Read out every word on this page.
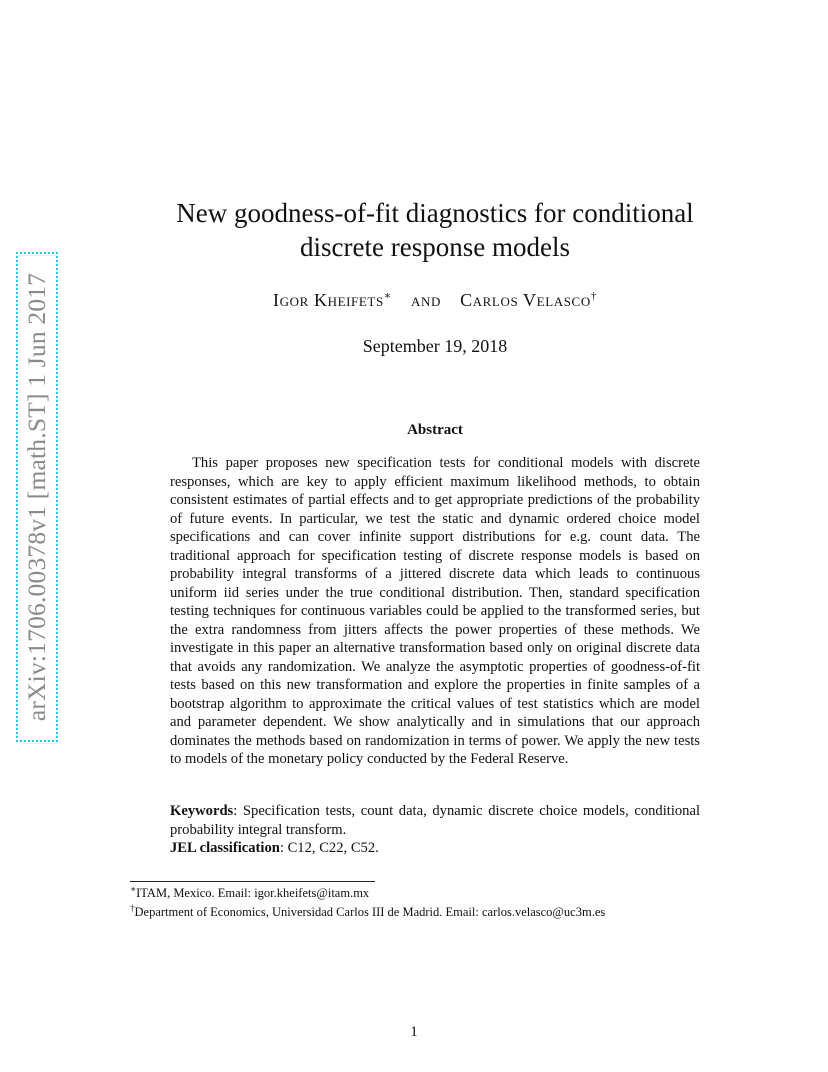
arXiv:1706.00378v1 [math.ST] 1 Jun 2017
New goodness-of-fit diagnostics for conditional
discrete response models
Igor Kheifets∗ and Carlos Velasco†
September 19, 2018
Abstract

This paper proposes new specification tests for conditional models with discrete responses, which are key to apply efficient maximum likelihood methods, to obtain consistent estimates of partial effects and to get appropriate predictions of the probability of future events. In particular, we test the static and dynamic ordered choice model specifications and can cover infinite support distributions for e.g. count data. The traditional approach for specification testing of discrete response models is based on probability integral transforms of a jittered discrete data which leads to continuous uniform iid series under the true conditional distribution. Then, standard specification testing techniques for continuous variables could be applied to the transformed series, but the extra randomness from jitters affects the power properties of these methods. We investigate in this paper an alternative transformation based only on original discrete data that avoids any randomization. We analyze the asymptotic properties of goodness-of-fit tests based on this new transformation and explore the properties in finite samples of a bootstrap algorithm to approximate the critical values of test statistics which are model and parameter dependent. We show analytically and in simulations that our approach dominates the methods based on randomization in terms of power. We apply the new tests to models of the monetary policy conducted by the Federal Reserve.

Keywords: Specification tests, count data, dynamic discrete choice models, conditional probability integral transform.
JEL classification: C12, C22, C52.

∗ITAM, Mexico. Email: igor.kheifets@itam.mx
†Department of Economics, Universidad Carlos III de Madrid. Email: carlos.velasco@uc3m.es
1
